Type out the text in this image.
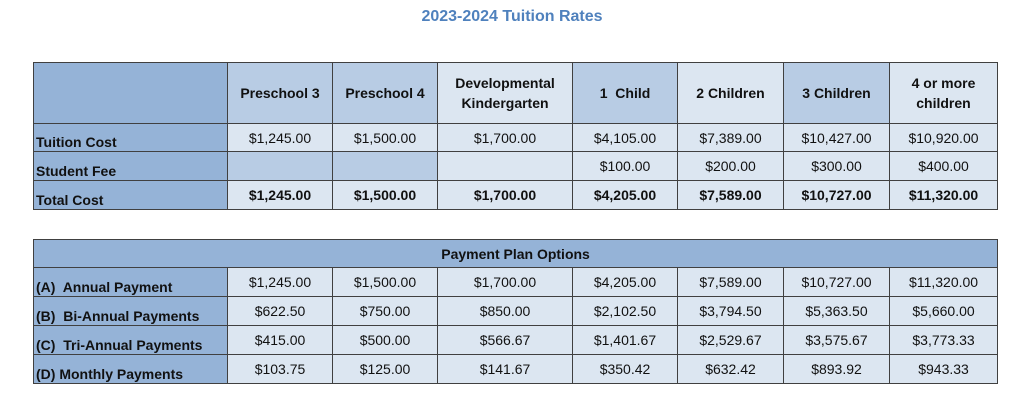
2023-2024 Tuition Rates
	Preschool 3	Preschool 4	Developmental Kindergarten	1  Child	2 Children	3 Children	4 or more children
Tuition Cost	$1,245.00	$1,500.00	$1,700.00	$4,105.00	$7,389.00	$10,427.00	$10,920.00
Student Fee				$100.00	$200.00	$300.00	$400.00
Total Cost	$1,245.00	$1,500.00	$1,700.00	$4,205.00	$7,589.00	$10,727.00	$11,320.00
Payment Plan Options							
(A)  Annual Payment	$1,245.00	$1,500.00	$1,700.00	$4,205.00	$7,589.00	$10,727.00	$11,320.00
(B)  Bi-Annual Payments	$622.50	$750.00	$850.00	$2,102.50	$3,794.50	$5,363.50	$5,660.00
(C)  Tri-Annual Payments	$415.00	$500.00	$566.67	$1,401.67	$2,529.67	$3,575.67	$3,773.33
(D) Monthly Payments	$103.75	$125.00	$141.67	$350.42	$632.42	$893.92	$943.33
